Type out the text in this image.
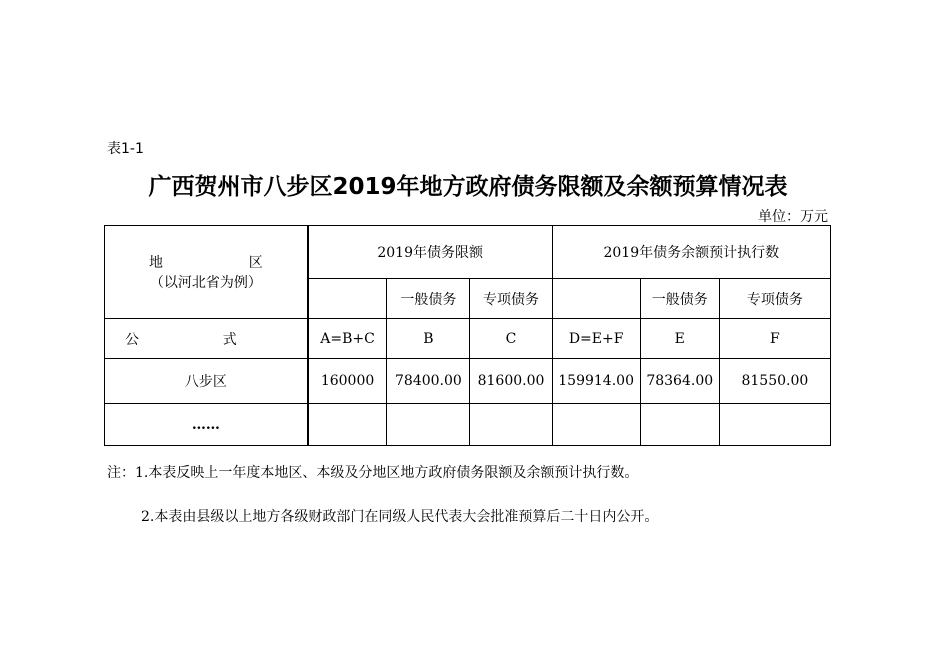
表1-1
广西贺州市八步区2019年地方政府债务限额及余额预算情况表
单位：万元
地 区
（以河北省为例）	2019年债务限额			2019年债务余额预计执行数		
		一般债务	专项债务		一般债务	专项债务

公 式	A=B+C	B	C	D=E+F	E	F
八步区	160000	78400.00	81600.00	159914.00	78364.00	81550.00
……						
注：1.本表反映上一年度本地区、本级及分地区地方政府债务限额及余额预计执行数。
2.本表由县级以上地方各级财政部门在同级人民代表大会批准预算后二十日内公开。
